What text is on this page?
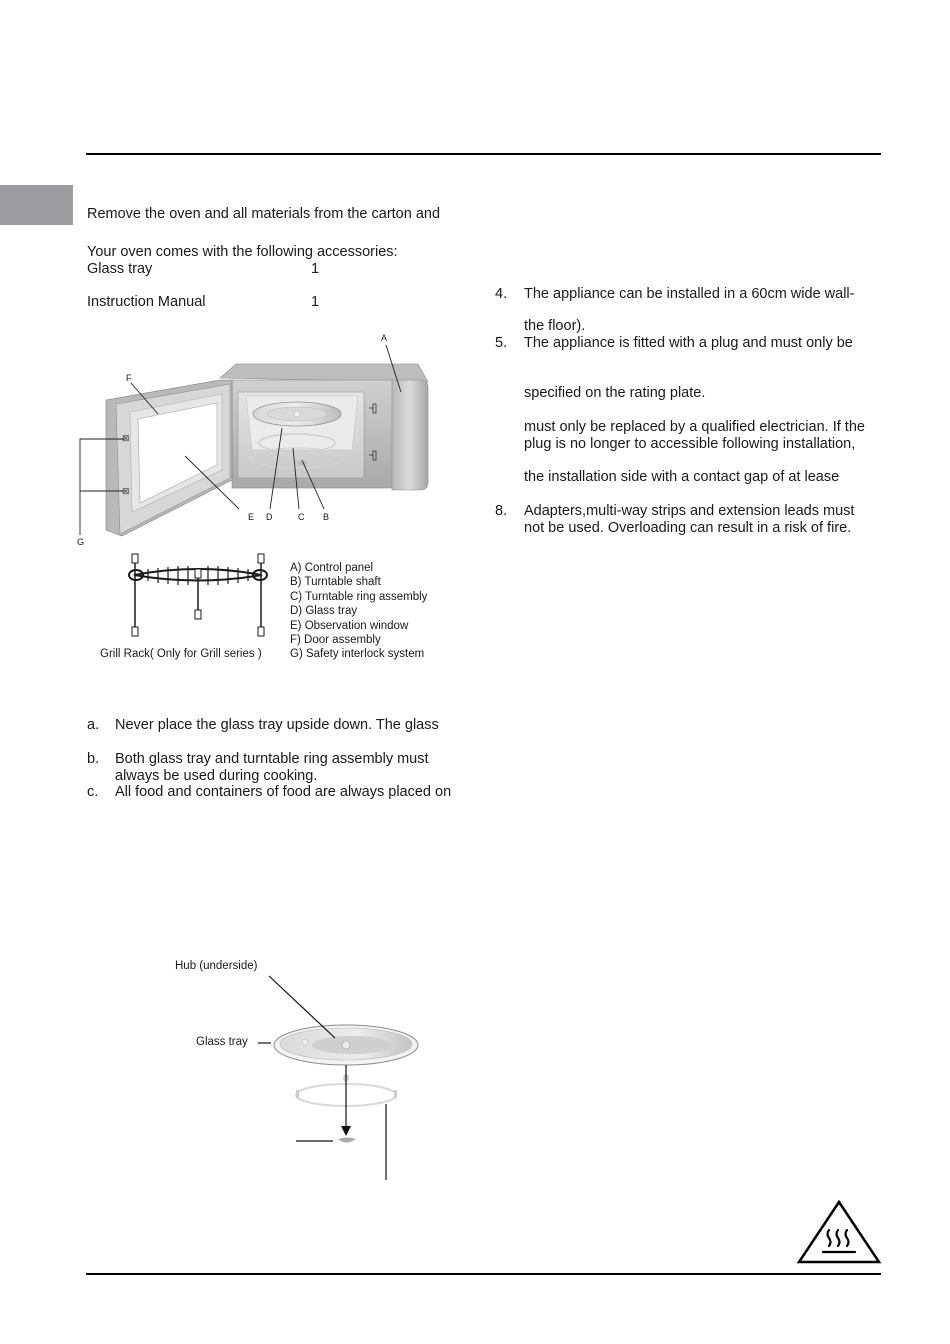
Remove the oven and all materials from the carton and
Your oven comes with the following accessories:
Glass tray	1
Instruction Manual	1
⊠
⊠
A
F
E D	C B
G
A) Control panel
B) Turntable shaft
C) Turntable ring assembly
D) Glass tray
E) Observation window
F) Door assembly
G) Safety interlock system
Grill Rack( Only for Grill series )
a. Never place the glass tray upside down. The glass
b. Both glass tray and turntable ring assembly must
always be used during cooking.
c. All food and containers of food are always placed on
Hub (underside)
Glass tray
4. The appliance can be installed in a 60cm wide wall-
the floor).
5. The appliance is fitted with a plug and must only be
specified on the rating plate.
must only be replaced by a qualified electrician. If the
plug is no longer to accessible following installation,
the installation side with a contact gap of at lease
8. Adapters,multi-way strips and extension leads must
not be used. Overloading can result in a risk of fire.
